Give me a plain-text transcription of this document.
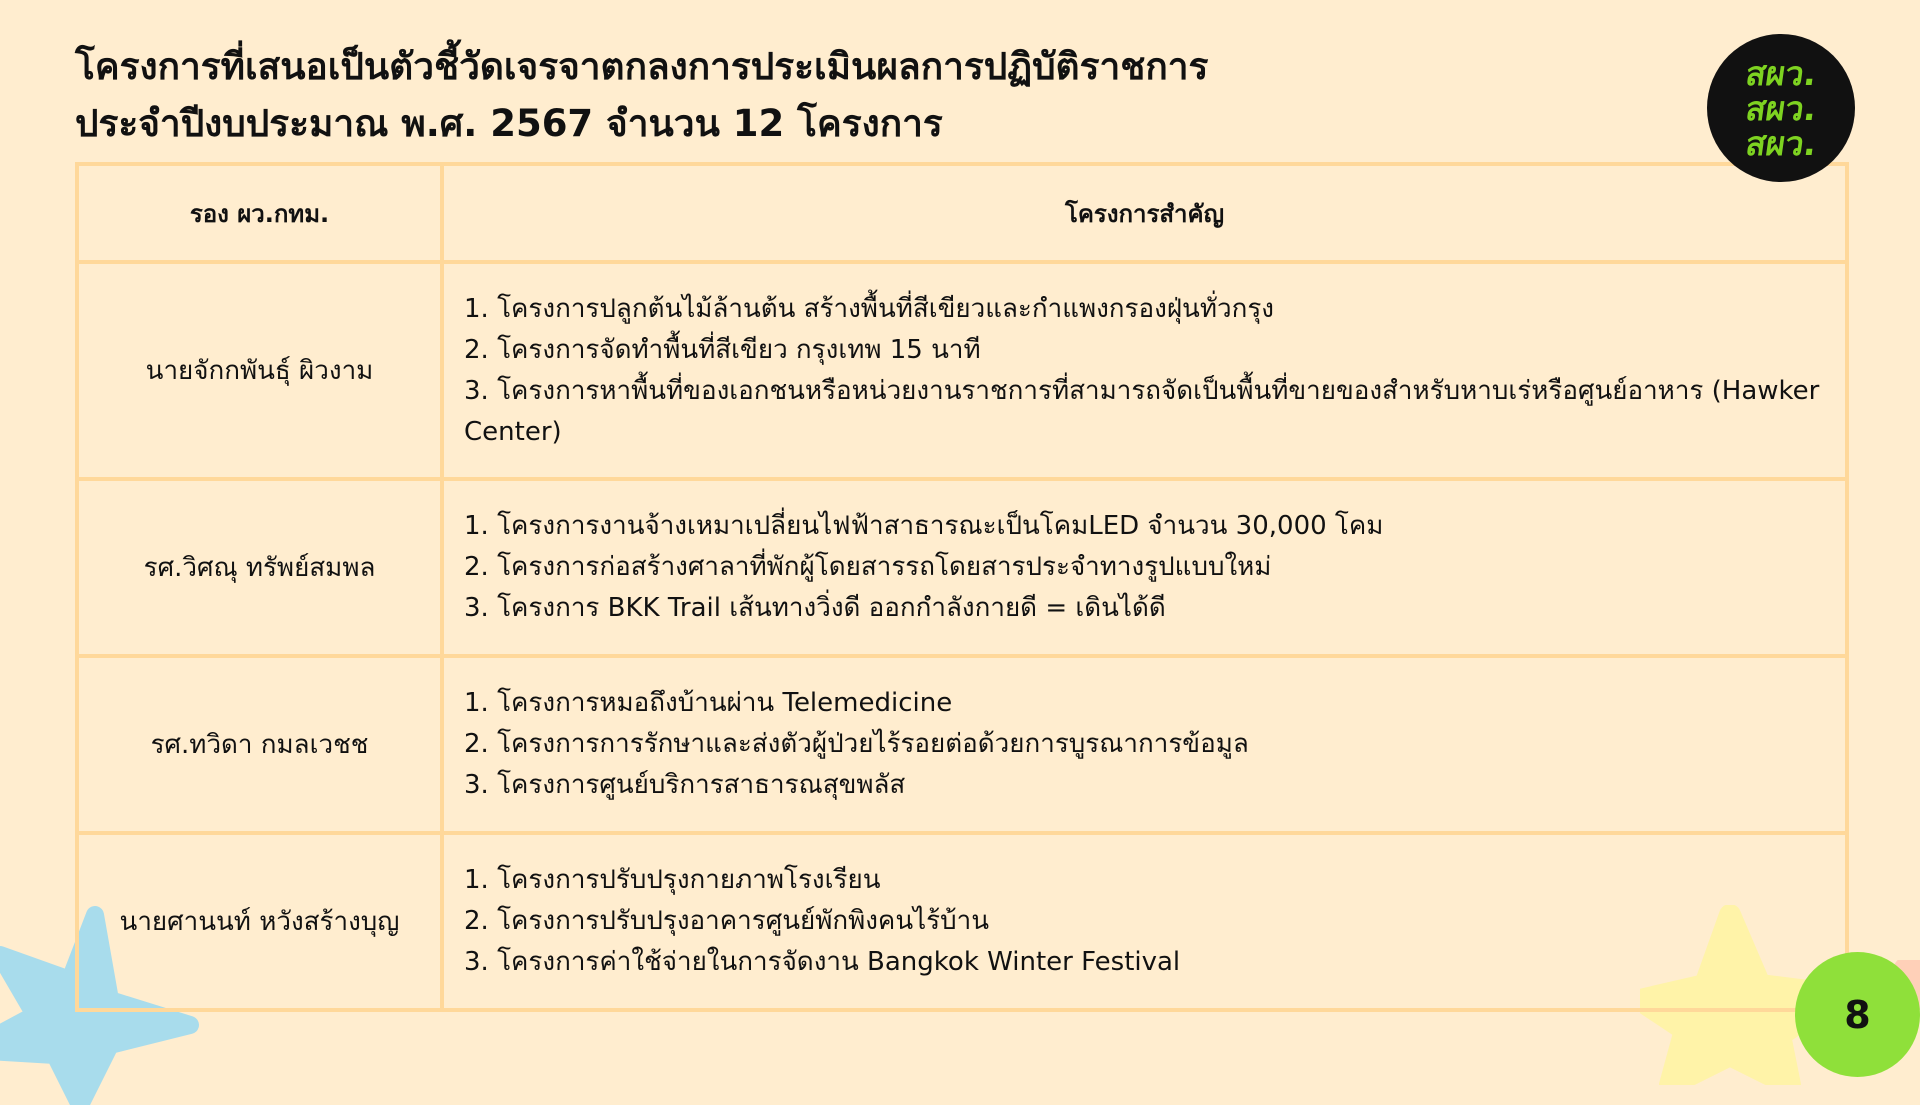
โครงการที่เสนอเป็นตัวชี้วัดเจรจาตกลงการประเมินผลการปฏิบัติราชการ
ประจำปีงบประมาณ พ.ศ. 2567 จำนวน 12 โครงการ
สผว.
สผว.
สผว.
รอง ผว.กทม.	โครงการสำคัญ
นายจักกพันธุ์ ผิวงาม	1. โครงการปลูกต้นไม้ล้านต้น สร้างพื้นที่สีเขียวและกำแพงกรองฝุ่นทั่วกรุง
2. โครงการจัดทำพื้นที่สีเขียว กรุงเทพ 15 นาที
3. โครงการหาพื้นที่ของเอกชนหรือหน่วยงานราชการที่สามารถจัดเป็นพื้นที่ขายของสำหรับหาบเร่หรือศูนย์อาหาร (Hawker Center)

รศ.วิศณุ ทรัพย์สมพล	1. โครงการงานจ้างเหมาเปลี่ยนไฟฟ้าสาธารณะเป็นโคมLED จำนวน 30,000 โคม
2. โครงการก่อสร้างศาลาที่พักผู้โดยสารรถโดยสารประจำทางรูปแบบใหม่
3. โครงการ BKK Trail เส้นทางวิ่งดี ออกกำลังกายดี = เดินได้ดี

รศ.ทวิดา กมลเวชช	1. โครงการหมอถึงบ้านผ่าน Telemedicine
2. โครงการการรักษาและส่งตัวผู้ป่วยไร้รอยต่อด้วยการบูรณาการข้อมูล
3. โครงการศูนย์บริการสาธารณสุขพลัส

นายศานนท์ หวังสร้างบุญ	1. โครงการปรับปรุงกายภาพโรงเรียน
2. โครงการปรับปรุงอาคารศูนย์พักพิงคนไร้บ้าน
3. โครงการค่าใช้จ่ายในการจัดงาน Bangkok Winter Festival
8
